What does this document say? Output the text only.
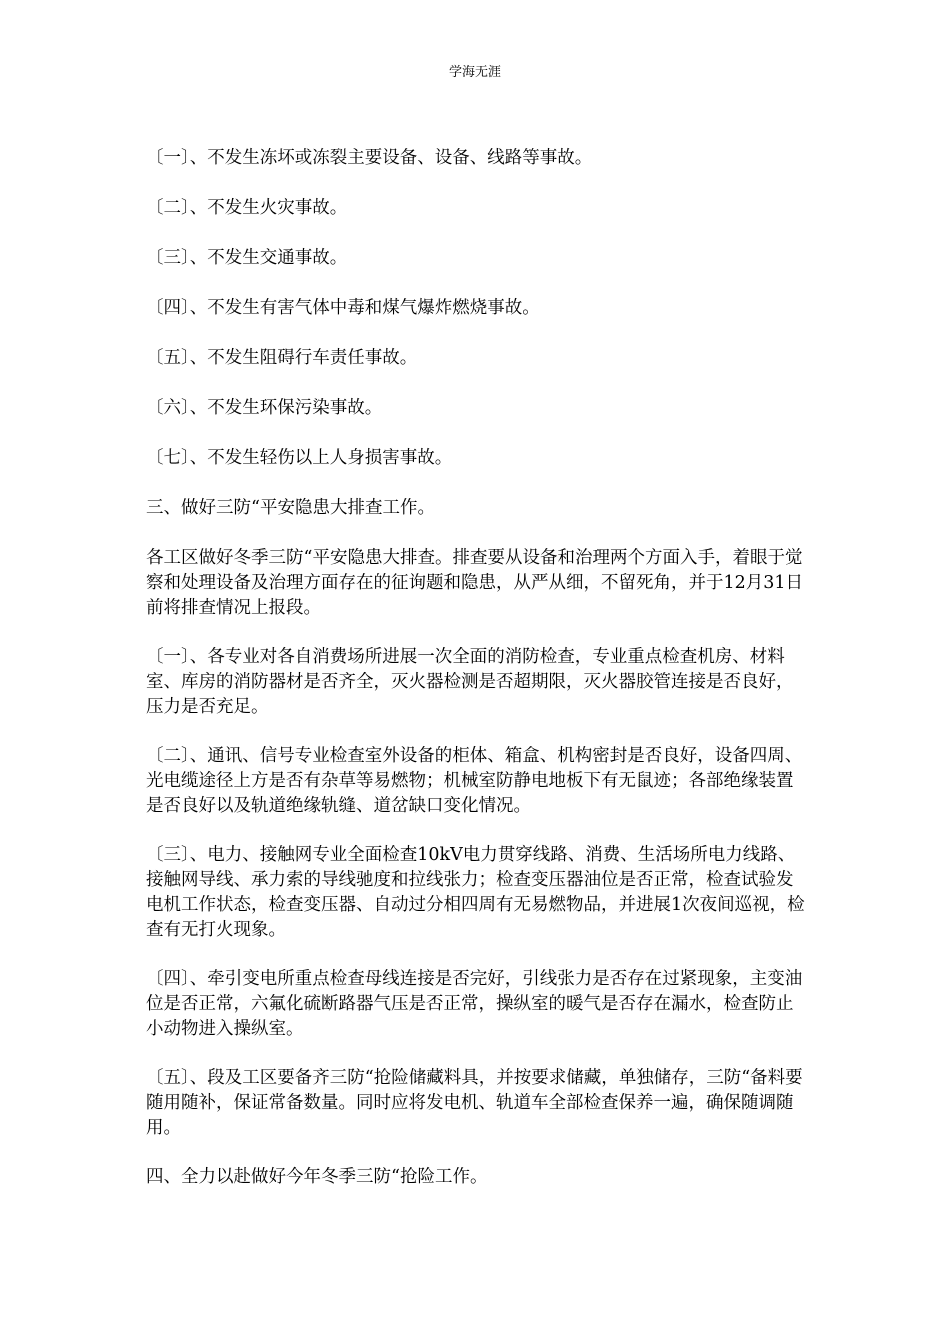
学海无涯

〔一〕、不发生冻坏或冻裂主要设备、设备、线路等事故。

〔二〕、不发生火灾事故。

〔三〕、不发生交通事故。

〔四〕、不发生有害气体中毒和煤气爆炸燃烧事故。

〔五〕、不发生阻碍行车责任事故。

〔六〕、不发生环保污染事故。

〔七〕、不发生轻伤以上人身损害事故。

三、做好三防“平安隐患大排查工作。

各工区做好冬季三防“平安隐患大排查。排查要从设备和治理两个方面入手，着眼于觉察和处理设备及治理方面存在的征询题和隐患，从严从细，不留死角，并于12月31日前将排查情况上报段。

〔一〕、各专业对各自消费场所进展一次全面的消防检查，专业重点检查机房、材料室、库房的消防器材是否齐全，灭火器检测是否超期限，灭火器胶管连接是否良好，压力是否充足。

〔二〕、通讯、信号专业检查室外设备的柜体、箱盒、机构密封是否良好，设备四周、光电缆途径上方是否有杂草等易燃物；机械室防静电地板下有无鼠迹；各部绝缘装置是否良好以及轨道绝缘轨缝、道岔缺口变化情况。

〔三〕、电力、接触网专业全面检查10kV电力贯穿线路、消费、生活场所电力线路、接触网导线、承力索的导线驰度和拉线张力；检查变压器油位是否正常，检查试验发电机工作状态，检查变压器、自动过分相四周有无易燃物品，并进展1次夜间巡视，检查有无打火现象。

〔四〕、牵引变电所重点检查母线连接是否完好，引线张力是否存在过紧现象，主变油位是否正常，六氟化硫断路器气压是否正常，操纵室的暖气是否存在漏水，检查防止小动物进入操纵室。

〔五〕、段及工区要备齐三防“抢险储藏料具，并按要求储藏，单独储存，三防“备料要随用随补，保证常备数量。同时应将发电机、轨道车全部检查保养一遍，确保随调随用。

四、全力以赴做好今年冬季三防“抢险工作。
